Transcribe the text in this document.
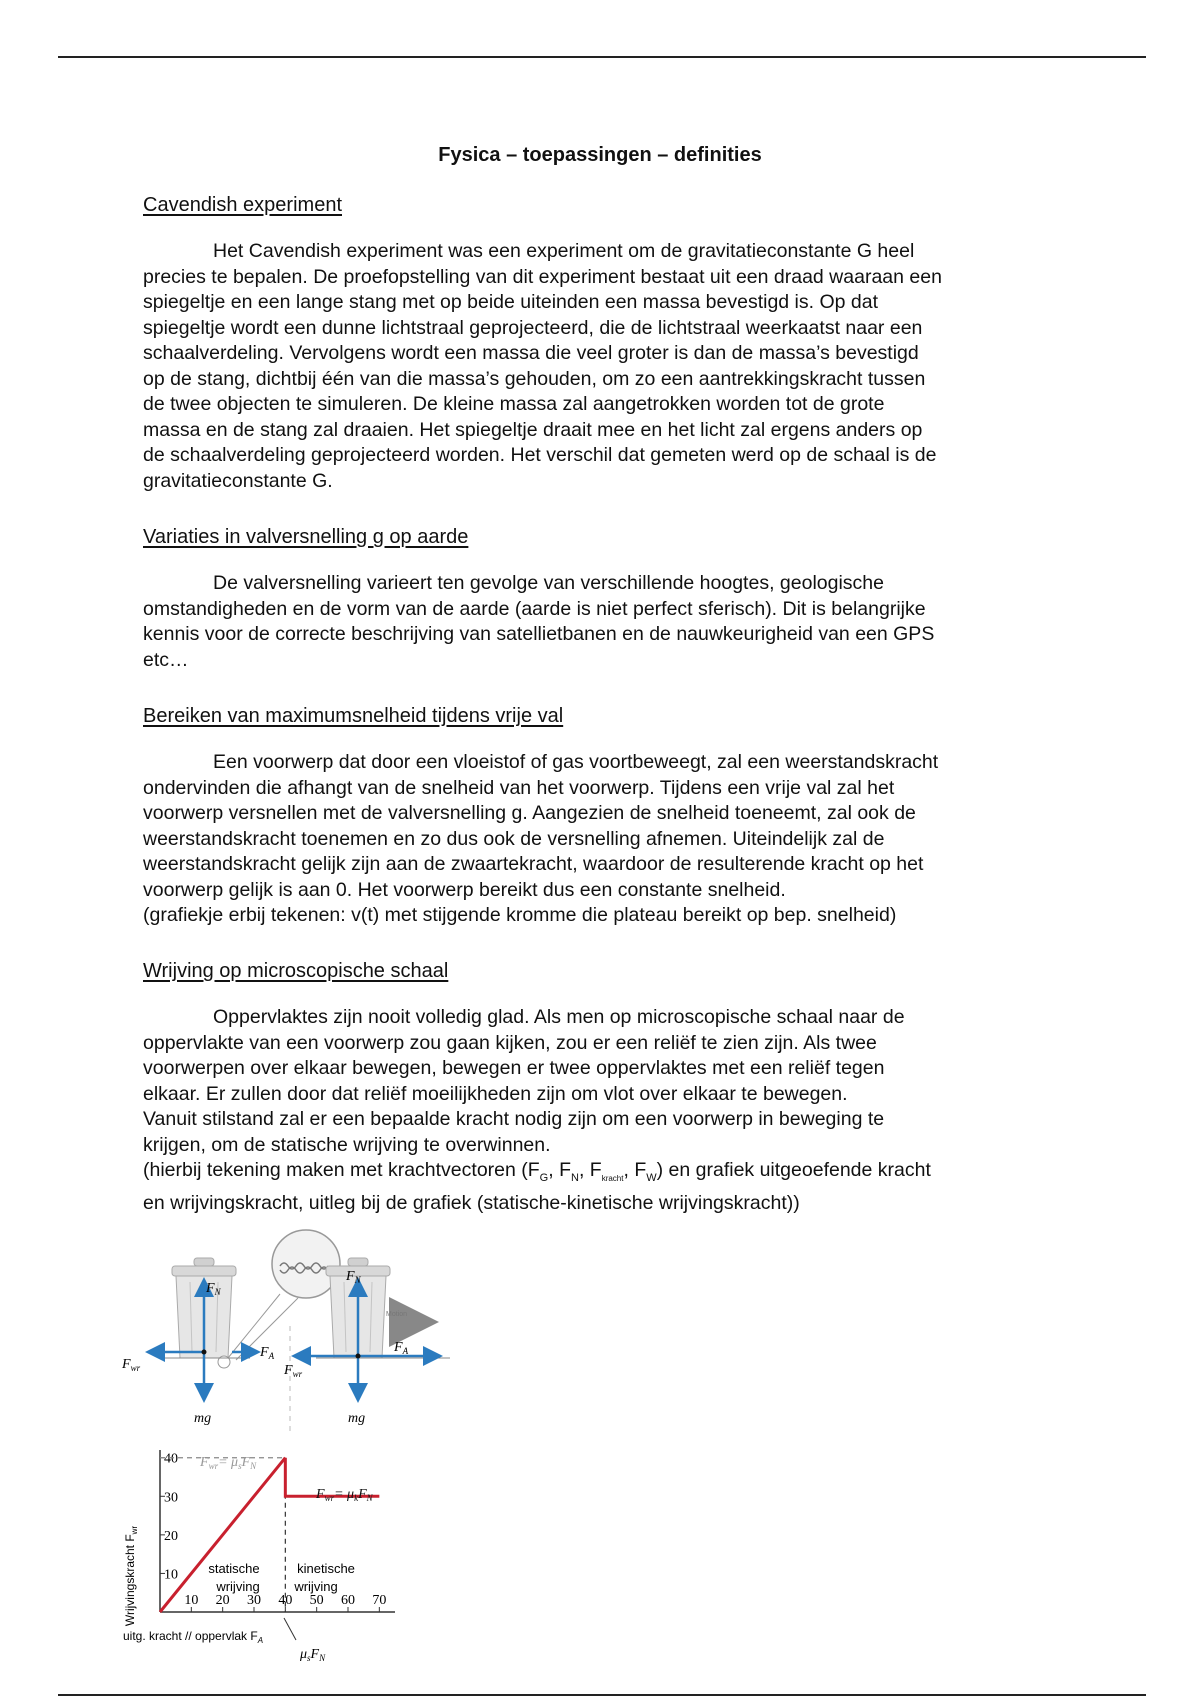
Fysica – toepassingen – definities
Cavendish experiment
Het Cavendish experiment was een experiment om de gravitatieconstante G heel
precies te bepalen. De proefopstelling van dit experiment bestaat uit een draad waaraan een
spiegeltje en een lange stang met op beide uiteinden een massa bevestigd is. Op dat
spiegeltje wordt een dunne lichtstraal geprojecteerd, die de lichtstraal weerkaatst naar een
schaalverdeling. Vervolgens wordt een massa die veel groter is dan de massa’s bevestigd
op de stang, dichtbij één van die massa’s gehouden, om zo een aantrekkingskracht tussen
de twee objecten te simuleren. De kleine massa zal aangetrokken worden tot de grote
massa en de stang zal draaien. Het spiegeltje draait mee en het licht zal ergens anders op
de schaalverdeling geprojecteerd worden. Het verschil dat gemeten werd op de schaal is de
gravitatieconstante G.
Variaties in valversnelling g op aarde
De valversnelling varieert ten gevolge van verschillende hoogtes, geologische
omstandigheden en de vorm van de aarde (aarde is niet perfect sferisch). Dit is belangrijke
kennis voor de correcte beschrijving van satellietbanen en de nauwkeurigheid van een GPS
etc…
Bereiken van maximumsnelheid tijdens vrije val
Een voorwerp dat door een vloeistof of gas voortbeweegt, zal een weerstandskracht
ondervinden die afhangt van de snelheid van het voorwerp. Tijdens een vrije val zal het
voorwerp versnellen met de valversnelling g. Aangezien de snelheid toeneemt, zal ook de
weerstandskracht toenemen en zo dus ook de versnelling afnemen. Uiteindelijk zal de
weerstandskracht gelijk zijn aan de zwaartekracht, waardoor de resulterende kracht op het
voorwerp gelijk is aan 0. Het voorwerp bereikt dus een constante snelheid.
(grafiekje erbij tekenen: v(t) met stijgende kromme die plateau bereikt op bep. snelheid)
Wrijving op microscopische schaal
Oppervlaktes zijn nooit volledig glad. Als men op microscopische schaal naar de
oppervlakte van een voorwerp zou gaan kijken, zou er een reliëf te zien zijn. Als twee
voorwerpen over elkaar bewegen, bewegen er twee oppervlaktes met een reliëf tegen
elkaar. Er zullen door dat reliëf moeilijkheden zijn om vlot over elkaar te bewegen.
Vanuit stilstand zal er een bepaalde kracht nodig zijn om een voorwerp in beweging te
krijgen, om de statische wrijving te overwinnen.
(hierbij tekening maken met krachtvectoren ($F_G$, $F_N$, $F_{kracht}$, $F_W$) en grafiek uitgeoefende kracht
en wrijvingskracht, uitleg bij de grafiek (statische-kinetische wrijvingskracht))
$F_N$
$F_A$
$F_{wr}$
mg
Motion
$F_N$
$F_A$
$F_{wr}$
mg
10 20 30 40 50 60 70
10
20
30
40 $F_{wr}= \mu_sF_N$
$F_{wr}= \mu_kF_N$
statische
wrijving
kinetische
wrijving
Wrijvingskracht $F_{wr}$
uitg. kracht // oppervlak $F_A$
$\mu_sF_N$
